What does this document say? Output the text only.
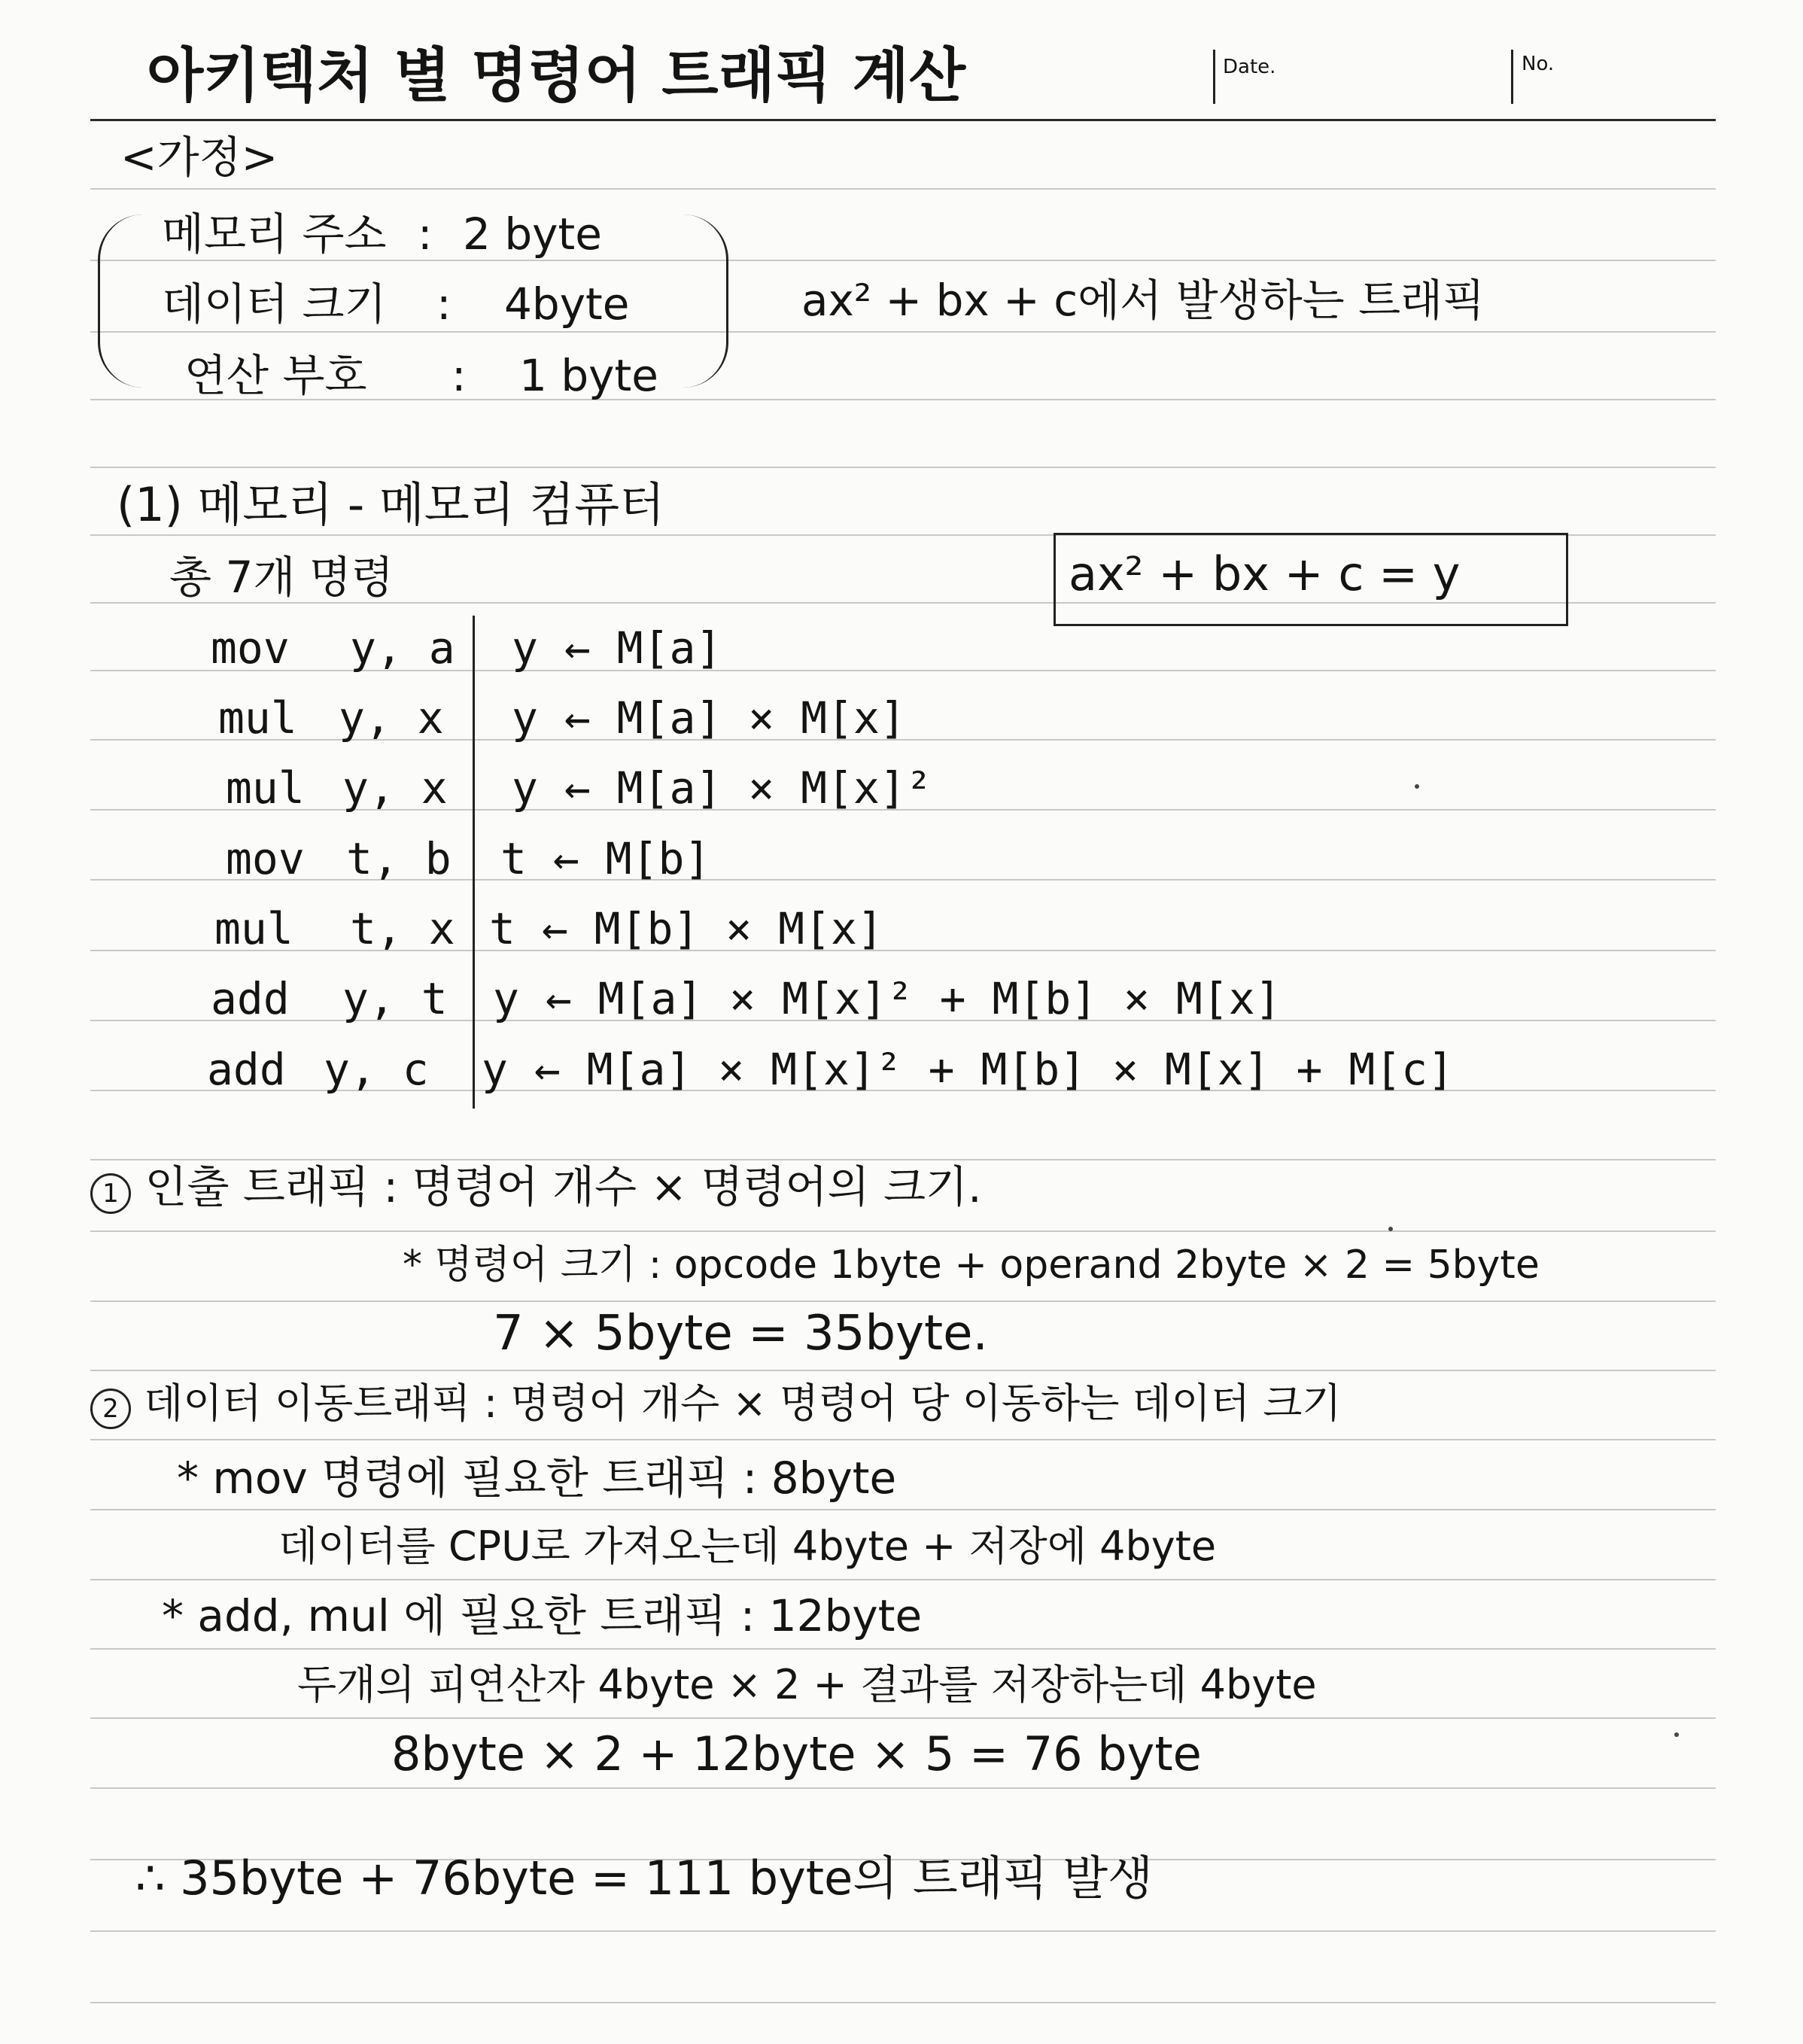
아키텍처 별 명령어 트래픽 계산	Date.	No.
<가정>
메모리 주소 : 2 byte
데이터 크기 : 4byte
연산 부호 : 1 byte
ax² + bx + c에서 발생하는 트래픽
(1) 메모리 - 메모리 컴퓨터
총 7개 명령	ax² + bx + c = y
mov y, a y ← M[a]
mul y, x y ← M[a] × M[x]
mul y, x y ← M[a] × M[x]²
mov t, b t ← M[b]
mul t, x t ← M[b] × M[x]
add y, t y ← M[a] × M[x]² + M[b] × M[x]
add y, c y ← M[a] × M[x]² + M[b] × M[x] + M[c]
1 인출 트래픽 : 명령어 개수 × 명령어의 크기.
* 명령어 크기 : opcode 1byte + operand 2byte × 2 = 5byte
7 × 5byte = 35byte.
2 데이터 이동트래픽 : 명령어 개수 × 명령어 당 이동하는 데이터 크기
* mov 명령에 필요한 트래픽 : 8byte
데이터를 CPU로 가져오는데 4byte + 저장에 4byte
* add, mul 에 필요한 트래픽 : 12byte
두개의 피연산자 4byte × 2 + 결과를 저장하는데 4byte
8byte × 2 + 12byte × 5 = 76 byte
∴ 35byte + 76byte = 111 byte의 트래픽 발생
